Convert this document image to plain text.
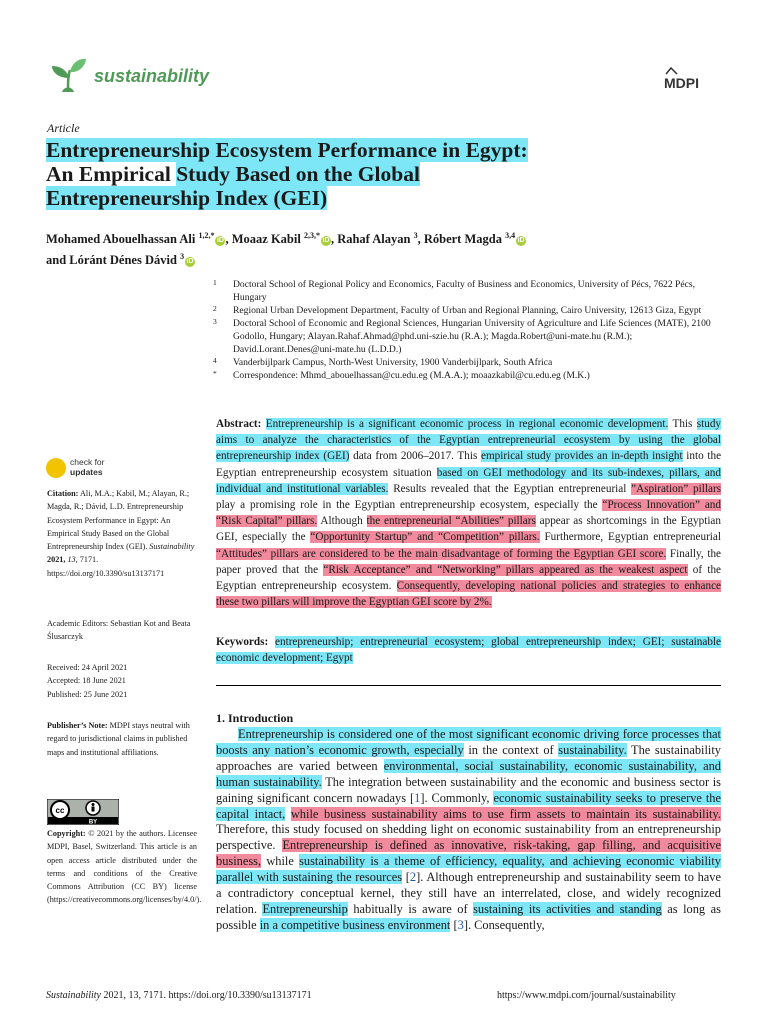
sustainability	MDPI
Article
Entrepreneurship Ecosystem Performance in Egypt:
An Empirical Study Based on the Global
Entrepreneurship Index (GEI)
Mohamed Abouelhassan Ali $^{1,2,*}$iD , Moaaz Kabil $^{2,3,*}$iD , Rahaf Alayan $^3$, Róbert Magda $^{3,4}$iD
and Lóránt Dénes Dávid $^3$iD

1 Doctoral School of Regional Policy and Economics, Faculty of Business and Economics, University of Pécs, 7622 Pécs, Hungary

2 Regional Urban Development Department, Faculty of Urban and Regional Planning, Cairo University, 12613 Giza, Egypt

3 Doctoral School of Economic and Regional Sciences, Hungarian University of Agriculture and Life Sciences (MATE), 2100 Godollo, Hungary; Alayan.Rahaf.Ahmad@phd.uni-szie.hu (R.A.); Magda.Robert@uni-mate.hu (R.M.); David.Lorant.Denes@uni-mate.hu (L.D.D.)

4 Vanderbijlpark Campus, North-West University, 1900 Vanderbijlpark, South Africa

* Correspondence: Mhmd_abouelhassan@cu.edu.eg (M.A.A.); moaazkabil@cu.edu.eg (M.K.)

check for
updates

Citation: Ali, M.A.; Kabil, M.; Alayan, R.; Magda, R.; Dávid, L.D. Entrepreneurship Ecosystem Performance in Egypt: An Empirical Study Based on the Global Entrepreneurship Index (GEI). Sustainability 2021, 13, 7171. https://doi.org/10.3390/su13137171

Academic Editors: Sebastian Kot and Beata Ślusarczyk

Received: 24 April 2021
Accepted: 18 June 2021
Published: 25 June 2021

Publisher’s Note: MDPI stays neutral with regard to jurisdictional claims in published maps and institutional affiliations.

cc
BY

Copyright: © 2021 by the authors. Licensee MDPI, Basel, Switzerland. This article is an open access article distributed under the terms and conditions of the Creative Commons Attribution (CC BY) license (https://creativecommons.org/licenses/by/4.0/).

Abstract: Entrepreneurship is a significant economic process in regional economic development. This study aims to analyze the characteristics of the Egyptian entrepreneurial ecosystem by using the global entrepreneurship index (GEI) data from 2006–2017. This empirical study provides an in-depth insight into the Egyptian entrepreneurship ecosystem situation based on GEI methodology and its sub-indexes, pillars, and individual and institutional variables. Results revealed that the Egyptian entrepreneurial ”Aspiration” pillars play a promising role in the Egyptian entrepreneurship ecosystem, especially the “Process Innovation” and “Risk Capital” pillars. Although the entrepreneurial “Abilities” pillars appear as shortcomings in the Egyptian GEI, especially the “Opportunity Startup” and “Competition” pillars. Furthermore, Egyptian entrepreneurial “Attitudes” pillars are considered to be the main disadvantage of forming the Egyptian GEI score. Finally, the paper proved that the “Risk Acceptance” and “Networking” pillars appeared as the weakest aspect of the Egyptian entrepreneurship ecosystem. Consequently, developing national policies and strategies to enhance these two pillars will improve the Egyptian GEI score by 2%.

Keywords: entrepreneurship; entrepreneurial ecosystem; global entrepreneurship index; GEI; sustainable economic development; Egypt

1. Introduction

Entrepreneurship is considered one of the most significant economic driving force processes that boosts any nation’s economic growth, especially in the context of sustainability. The sustainability approaches are varied between environmental, social sustainability, economic sustainability, and human sustainability. The integration between sustainability and the economic and business sector is gaining significant concern nowadays [1]. Commonly, economic sustainability seeks to preserve the capital intact, while business sustainability aims to use firm assets to maintain its sustainability. Therefore, this study focused on shedding light on economic sustainability from an entrepreneurship perspective. Entrepreneurship is defined as innovative, risk-taking, gap filling, and acquisitive business, while sustainability is a theme of efficiency, equality, and achieving economic viability parallel with sustaining the resources [2]. Although entrepreneurship and sustainability seem to have a contradictory conceptual kernel, they still have an interrelated, close, and widely recognized relation. Entrepreneurship habitually is aware of sustaining its activities and standing as long as possible in a competitive business environment [3]. Consequently,

Sustainability 2021, 13, 7171. https://doi.org/10.3390/su13137171	https://www.mdpi.com/journal/sustainability
